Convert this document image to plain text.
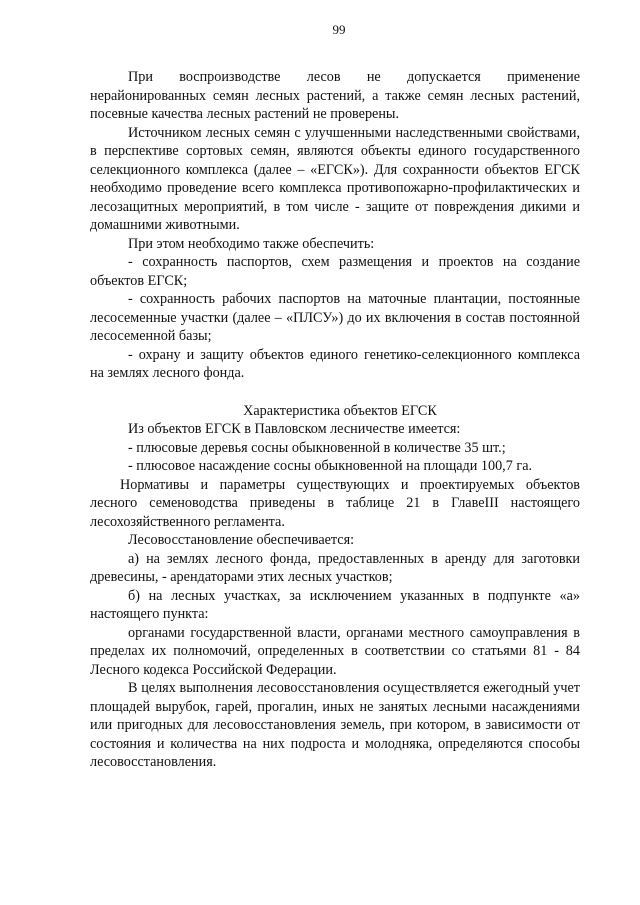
99

При воспроизводстве лесов не допускается применение нерайонированных семян лесных растений, а также семян лесных растений, посевные качества лесных растений не проверены.

Источником лесных семян с улучшенными наследственными свойствами, в перспективе сортовых семян, являются объекты единого государственного селекционного комплекса (далее – «ЕГСК»). Для сохранности объектов ЕГСК необходимо проведение всего комплекса противопожарно-профилактических и лесозащитных мероприятий, в том числе - защите от повреждения дикими и домашними животными.

При этом необходимо также обеспечить:

- сохранность паспортов, схем размещения и проектов на создание объектов ЕГСК;

- сохранность рабочих паспортов на маточные плантации, постоянные лесосеменные участки (далее – «ПЛСУ») до их включения в состав постоянной лесосеменной базы;

- охрану и защиту объектов единого генетико-селекционного комплекса на землях лесного фонда.

Характеристика объектов ЕГСК

Из объектов ЕГСК в Павловском лесничестве имеется:

- плюсовые деревья сосны обыкновенной в количестве 35 шт.;

- плюсовое насаждение сосны обыкновенной на площади 100,7 га.

Нормативы и параметры существующих и проектируемых объектов лесного семеноводства приведены в таблице 21 в ГлавеIII настоящего лесохозяйственного регламента.

Лесовосстановление обеспечивается:

а) на землях лесного фонда, предоставленных в аренду для заготовки древесины, - арендаторами этих лесных участков;

б) на лесных участках, за исключением указанных в подпункте «а» настоящего пункта:

органами государственной власти, органами местного самоуправления в пределах их полномочий, определенных в соответствии со статьями 81 - 84 Лесного кодекса Российской Федерации.

В целях выполнения лесовосстановления осуществляется ежегодный учет площадей вырубок, гарей, прогалин, иных не занятых лесными насаждениями или пригодных для лесовосстановления земель, при котором, в зависимости от состояния и количества на них подроста и молодняка, определяются способы лесовосстановления.
